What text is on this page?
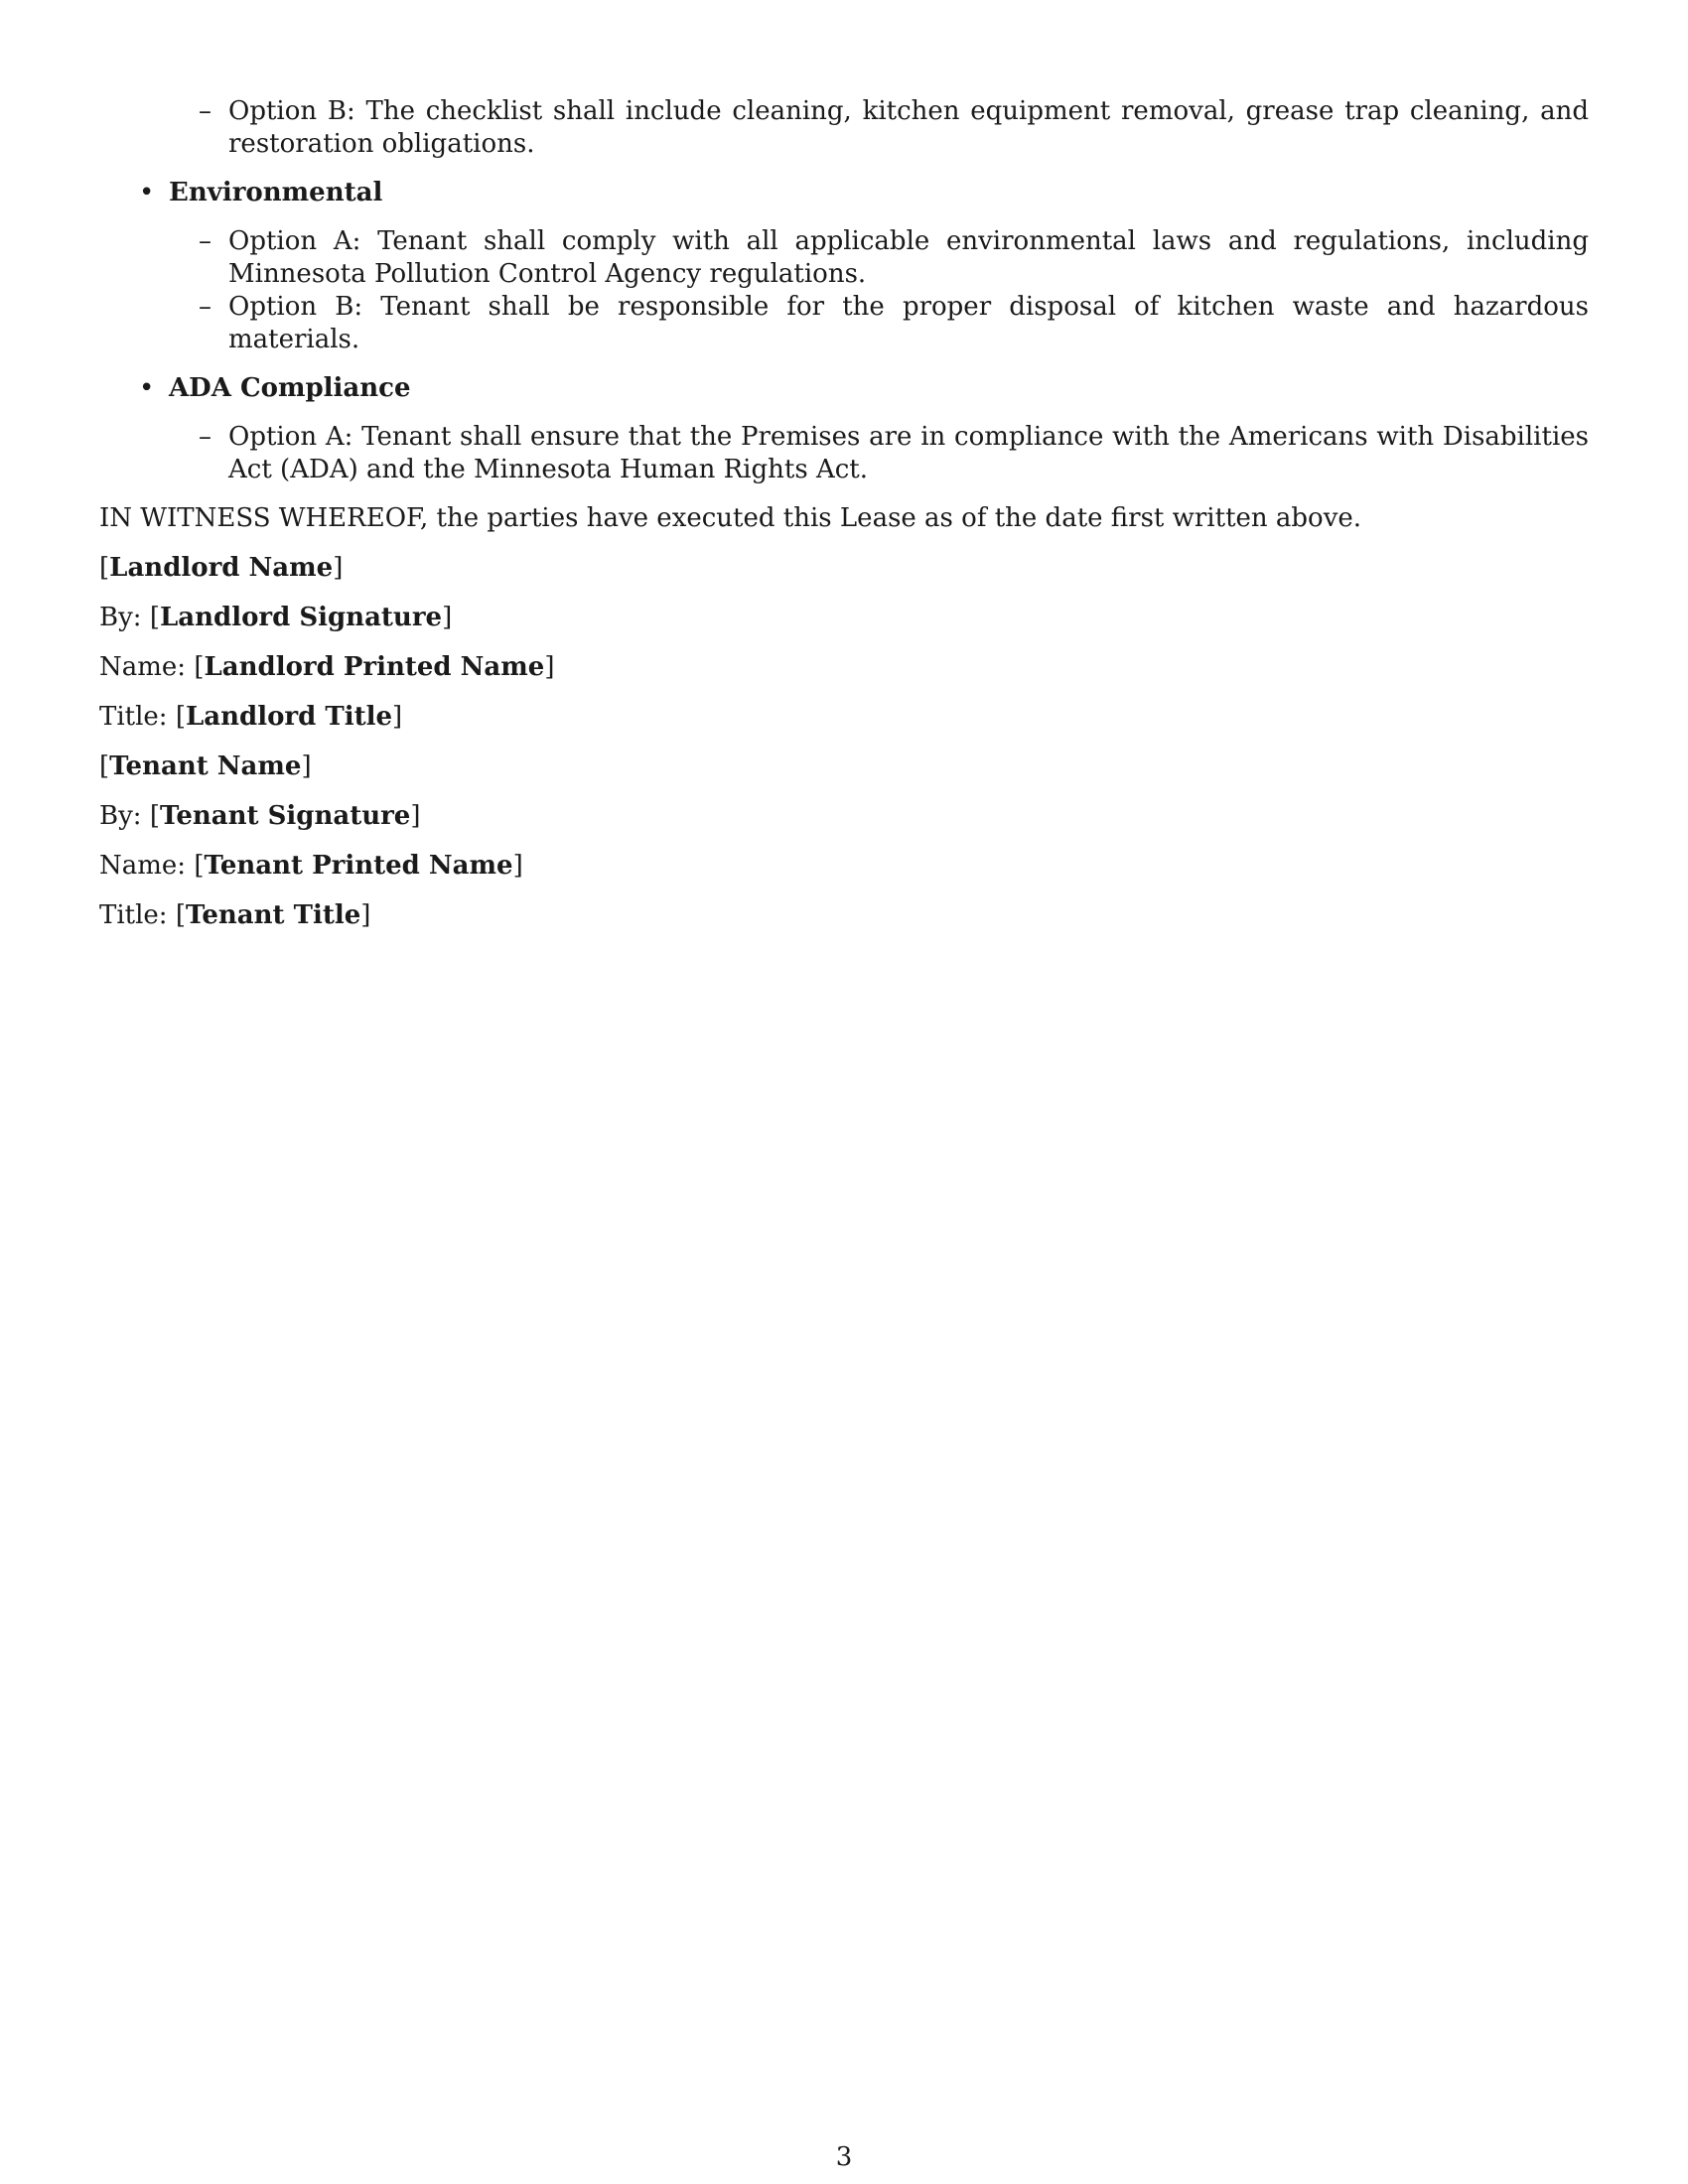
– Option B: The checklist shall include cleaning, kitchen equipment removal, grease trap cleaning, and restoration obligations.
• Environmental
– Option A: Tenant shall comply with all applicable environmental laws and regulations, including Minnesota Pollution Control Agency regulations.
– Option B: Tenant shall be responsible for the proper disposal of kitchen waste and hazardous materials.
• ADA Compliance
– Option A: Tenant shall ensure that the Premises are in compliance with the Americans with Disabilities Act (ADA) and the Minnesota Human Rights Act.
IN WITNESS WHEREOF, the parties have executed this Lease as of the date first written above.
[Landlord Name]
By: [Landlord Signature]
Name: [Landlord Printed Name]
Title: [Landlord Title]
[Tenant Name]
By: [Tenant Signature]
Name: [Tenant Printed Name]
Title: [Tenant Title]
3
